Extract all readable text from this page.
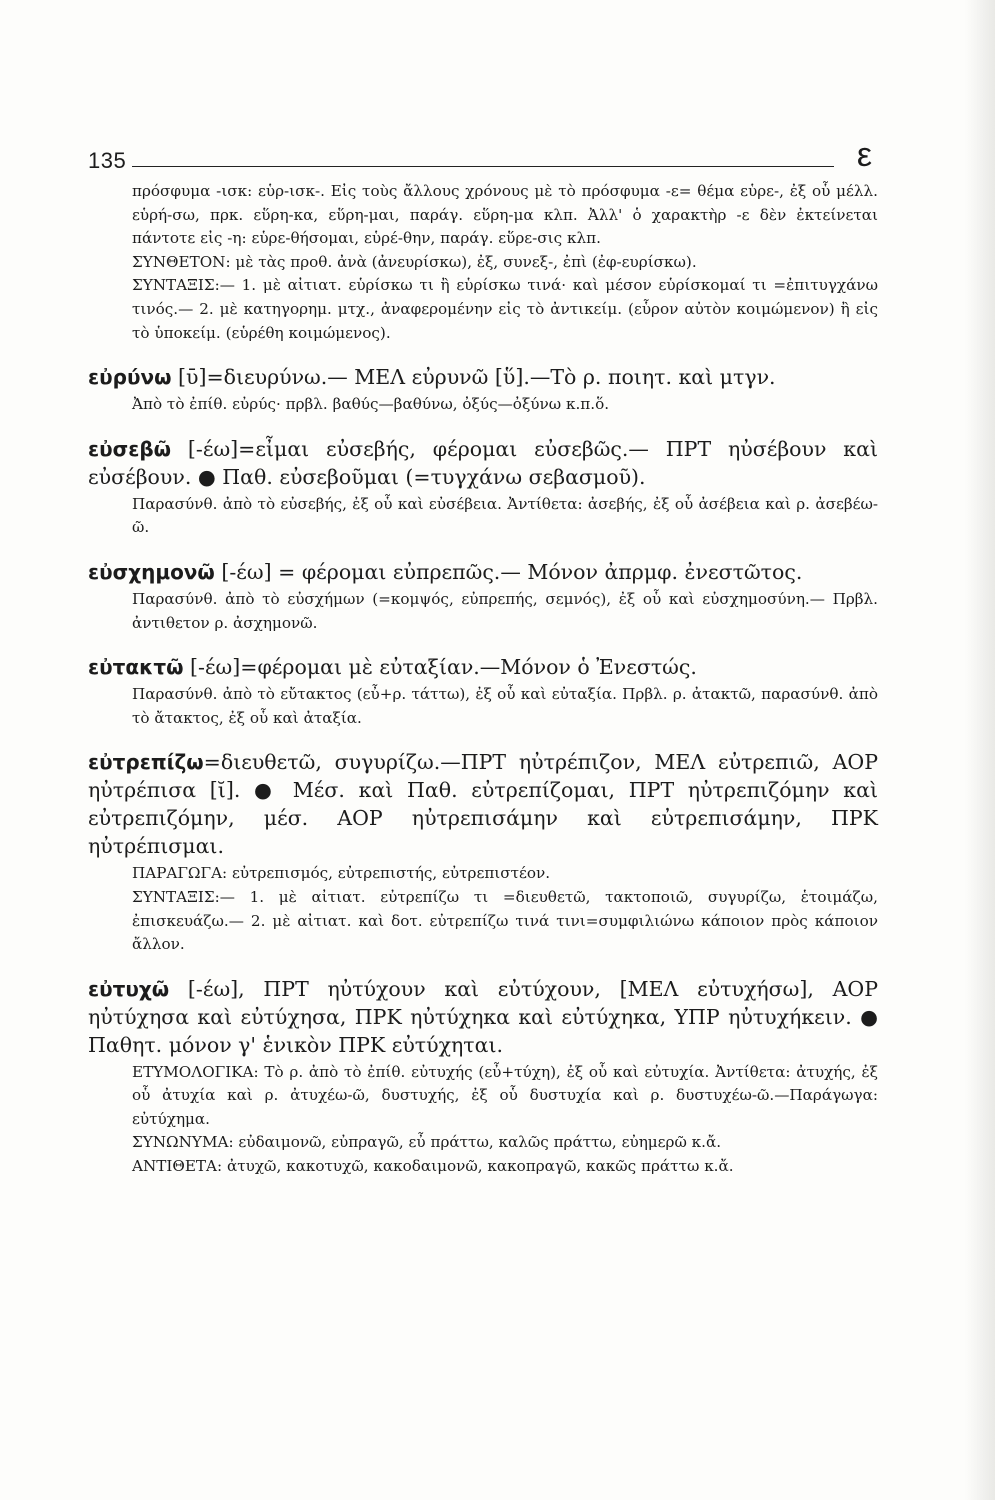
135	ε

πρόσφυμα -ισκ: εὑρ-ισκ-. Εἰς τοὺς ἄλλους χρόνους μὲ τὸ πρόσφυμα -ε= θέμα εὑρε-, ἐξ οὗ μέλλ. εὑρή-σω, πρκ. εὕρη-κα, εὕρη-μαι, παράγ. εὕρη-μα κλπ. Ἀλλ' ὁ χαρακτὴρ -ε δὲν ἐκτείνεται πάντοτε εἰς -η: εὑρε-θήσομαι, εὑρέ-θην, παράγ. εὕρε-σις κλπ.

ΣΥΝΘΕΤΟΝ: μὲ τὰς προθ. ἀνὰ (ἀνευρίσκω), ἐξ, συνεξ-, ἐπὶ (ἐφ-ευρίσκω).

ΣΥΝΤΑΞΙΣ:— 1. μὲ αἰτιατ. εὑρίσκω τι ἢ εὑρίσκω τινά· καὶ μέσον εὑρίσκομαί τι =ἐπιτυγχάνω τινός.— 2. μὲ κατηγορημ. μτχ., ἀναφερομένην εἰς τὸ ἀντικείμ. (εὗρον αὐτὸν κοιμώμενον) ἢ εἰς τὸ ὑποκείμ. (εὑρέθη κοιμώμενος).

εὐρύνω [ῡ]=διευρύνω.— ΜΕΛ εὐρυνῶ [ὕ].—Τὸ ρ. ποιητ. καὶ μτγν.

Ἀπὸ τὸ ἐπίθ. εὐρύς· πρβλ. βαθύς—βαθύνω, ὀξύς—ὀξύνω κ.π.ὅ.

εὐσεβῶ [-έω]=εἶμαι εὐσεβής, φέρομαι εὐσεβῶς.— ΠΡΤ ηὐσέβουν καὶ εὐσέβουν. ● Παθ. εὐσεβοῦμαι (=τυγχάνω σεβασμοῦ).

Παρασύνθ. ἀπὸ τὸ εὐσεβής, ἐξ οὗ καὶ εὐσέβεια. Ἀντίθετα: ἀσεβής, ἐξ οὗ ἀσέβεια καὶ ρ. ἀσεβέω-ῶ.

εὐσχημονῶ [-έω] = φέρομαι εὐπρεπῶς.— Μόνον ἀπρμφ. ἐνεστῶτος.

Παρασύνθ. ἀπὸ τὸ εὐσχήμων (=κομψός, εὐπρεπής, σεμνός), ἐξ οὗ καὶ εὐσχημοσύνη.— Πρβλ. ἀντιθετον ρ. ἀσχημονῶ.

εὐτακτῶ [-έω]=φέρομαι μὲ εὐταξίαν.—Μόνον ὁ Ἐνεστώς.

Παρασύνθ. ἀπὸ τὸ εὔτακτος (εὖ+ρ. τάττω), ἐξ οὗ καὶ εὐταξία. Πρβλ. ρ. ἀτακτῶ, παρασύνθ. ἀπὸ τὸ ἄτακτος, ἐξ οὗ καὶ ἀταξία.

εὐτρεπίζω=διευθετῶ, συγυρίζω.—ΠΡΤ ηὐτρέπιζον, ΜΕΛ εὐτρεπιῶ, ΑΟΡ ηὐτρέπισα [ῐ]. ● Μέσ. καὶ Παθ. εὐτρεπίζομαι, ΠΡΤ ηὐτρεπιζόμην καὶ εὐτρεπιζόμην, μέσ. ΑΟΡ ηὐτρεπισάμην καὶ εὐτρεπισάμην, ΠΡΚ ηὐτρέπισμαι.

ΠΑΡΑΓΩΓΑ: εὐτρεπισμός, εὐτρεπιστής, εὐτρεπιστέον.

ΣΥΝΤΑΞΙΣ:— 1. μὲ αἰτιατ. εὐτρεπίζω τι =διευθετῶ, τακτοποιῶ, συγυρίζω, ἑτοιμάζω, ἐπισκευάζω.— 2. μὲ αἰτιατ. καὶ δοτ. εὐτρεπίζω τινά τινι=συμφιλιώνω κάποιον πρὸς κάποιον ἄλλον.

εὐτυχῶ [-έω], ΠΡΤ ηὐτύχουν καὶ εὐτύχουν, [ΜΕΛ εὐτυχήσω], ΑΟΡ ηὐτύχησα καὶ εὐτύχησα, ΠΡΚ ηὐτύχηκα καὶ εὐτύχηκα, ΥΠΡ ηὐτυχήκειν. ● Παθητ. μόνον γ' ἑνικὸν ΠΡΚ εὐτύχηται.

ΕΤΥΜΟΛΟΓΙΚΑ: Τὸ ρ. ἀπὸ τὸ ἐπίθ. εὐτυχής (εὖ+τύχη), ἐξ οὗ καὶ εὐτυχία. Ἀντίθετα: ἀτυχής, ἐξ οὗ ἀτυχία καὶ ρ. ἀτυχέω-ῶ, δυστυχής, ἐξ οὗ δυστυχία καὶ ρ. δυστυχέω-ῶ.—Παράγωγα: εὐτύχημα.

ΣΥΝΩΝΥΜΑ: εὐδαιμονῶ, εὐπραγῶ, εὖ πράττω, καλῶς πράττω, εὐημερῶ κ.ἄ.

ΑΝΤΙΘΕΤΑ: ἀτυχῶ, κακοτυχῶ, κακοδαιμονῶ, κακοπραγῶ, κακῶς πράττω κ.ἄ.
